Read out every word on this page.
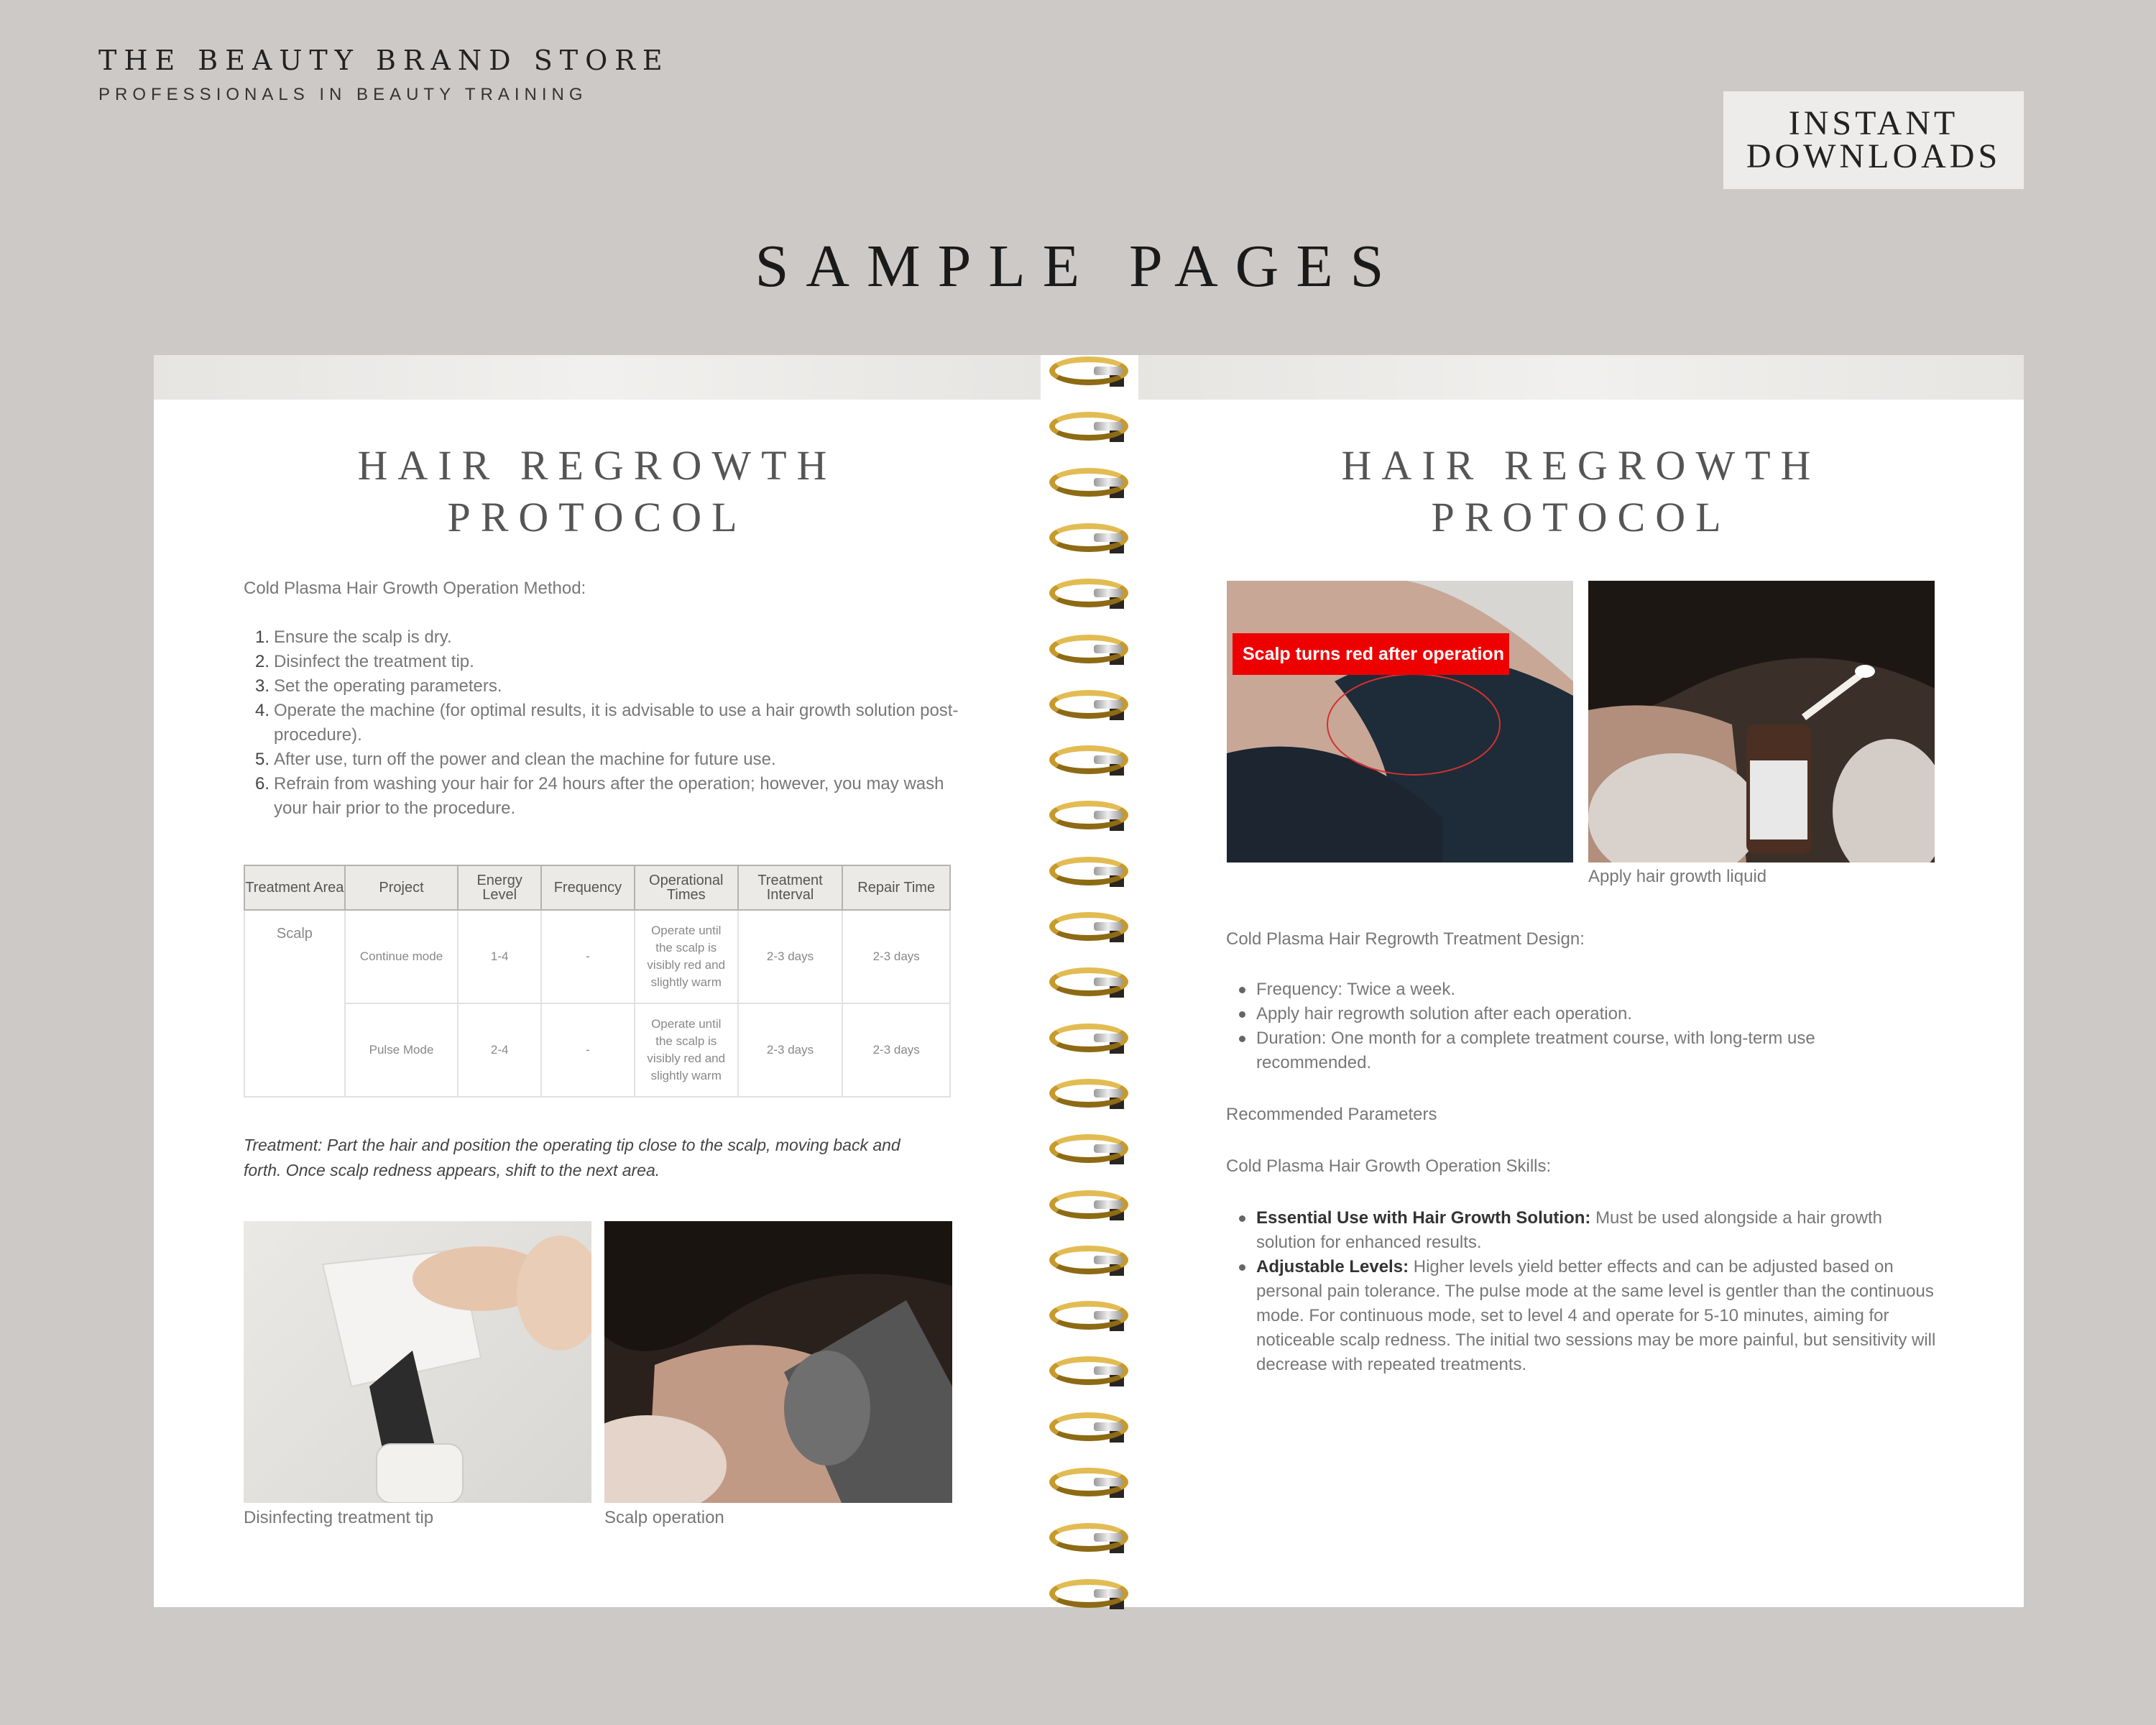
THE BEAUTY BRAND STORE
PROFESSIONALS IN BEAUTY TRAINING
INSTANT
DOWNLOADS
SAMPLE PAGES
HAIR REGROWTH
PROTOCOL
Cold Plasma Hair Growth Operation Method:
1. Ensure the scalp is dry.
2. Disinfect the treatment tip.
3. Set the operating parameters.
4. Operate the machine (for optimal results, it is advisable to use a hair growth solution post-procedure).
5. After use, turn off the power and clean the machine for future use.
6. Refrain from washing your hair for 24 hours after the operation; however, you may wash your hair prior to the procedure.
Treatment Area	Project	Energy Level	Frequency	Operational Times	Treatment Interval	Repair Time
Scalp	Continue mode	1-4	-	Operate until the scalp is visibly red and slightly warm	2-3 days	2-3 days
	Pulse Mode	2-4	-	Operate until the scalp is visibly red and slightly warm	2-3 days	2-3 days
Treatment: Part the hair and position the operating tip close to the scalp, moving back and forth. Once scalp redness appears, shift to the next area.
Disinfecting treatment tip	Scalp operation
HAIR REGROWTH
PROTOCOL
Scalp turns red after operation
Apply hair growth liquid
Cold Plasma Hair Regrowth Treatment Design:
Frequency: Twice a week.
Apply hair regrowth solution after each operation.
Duration: One month for a complete treatment course, with long-term use recommended.
Recommended Parameters
Cold Plasma Hair Growth Operation Skills:
Essential Use with Hair Growth Solution: Must be used alongside a hair growth solution for enhanced results.
Adjustable Levels: Higher levels yield better effects and can be adjusted based on personal pain tolerance. The pulse mode at the same level is gentler than the continuous mode. For continuous mode, set to level 4 and operate for 5-10 minutes, aiming for noticeable scalp redness. The initial two sessions may be more painful, but sensitivity will decrease with repeated treatments.
